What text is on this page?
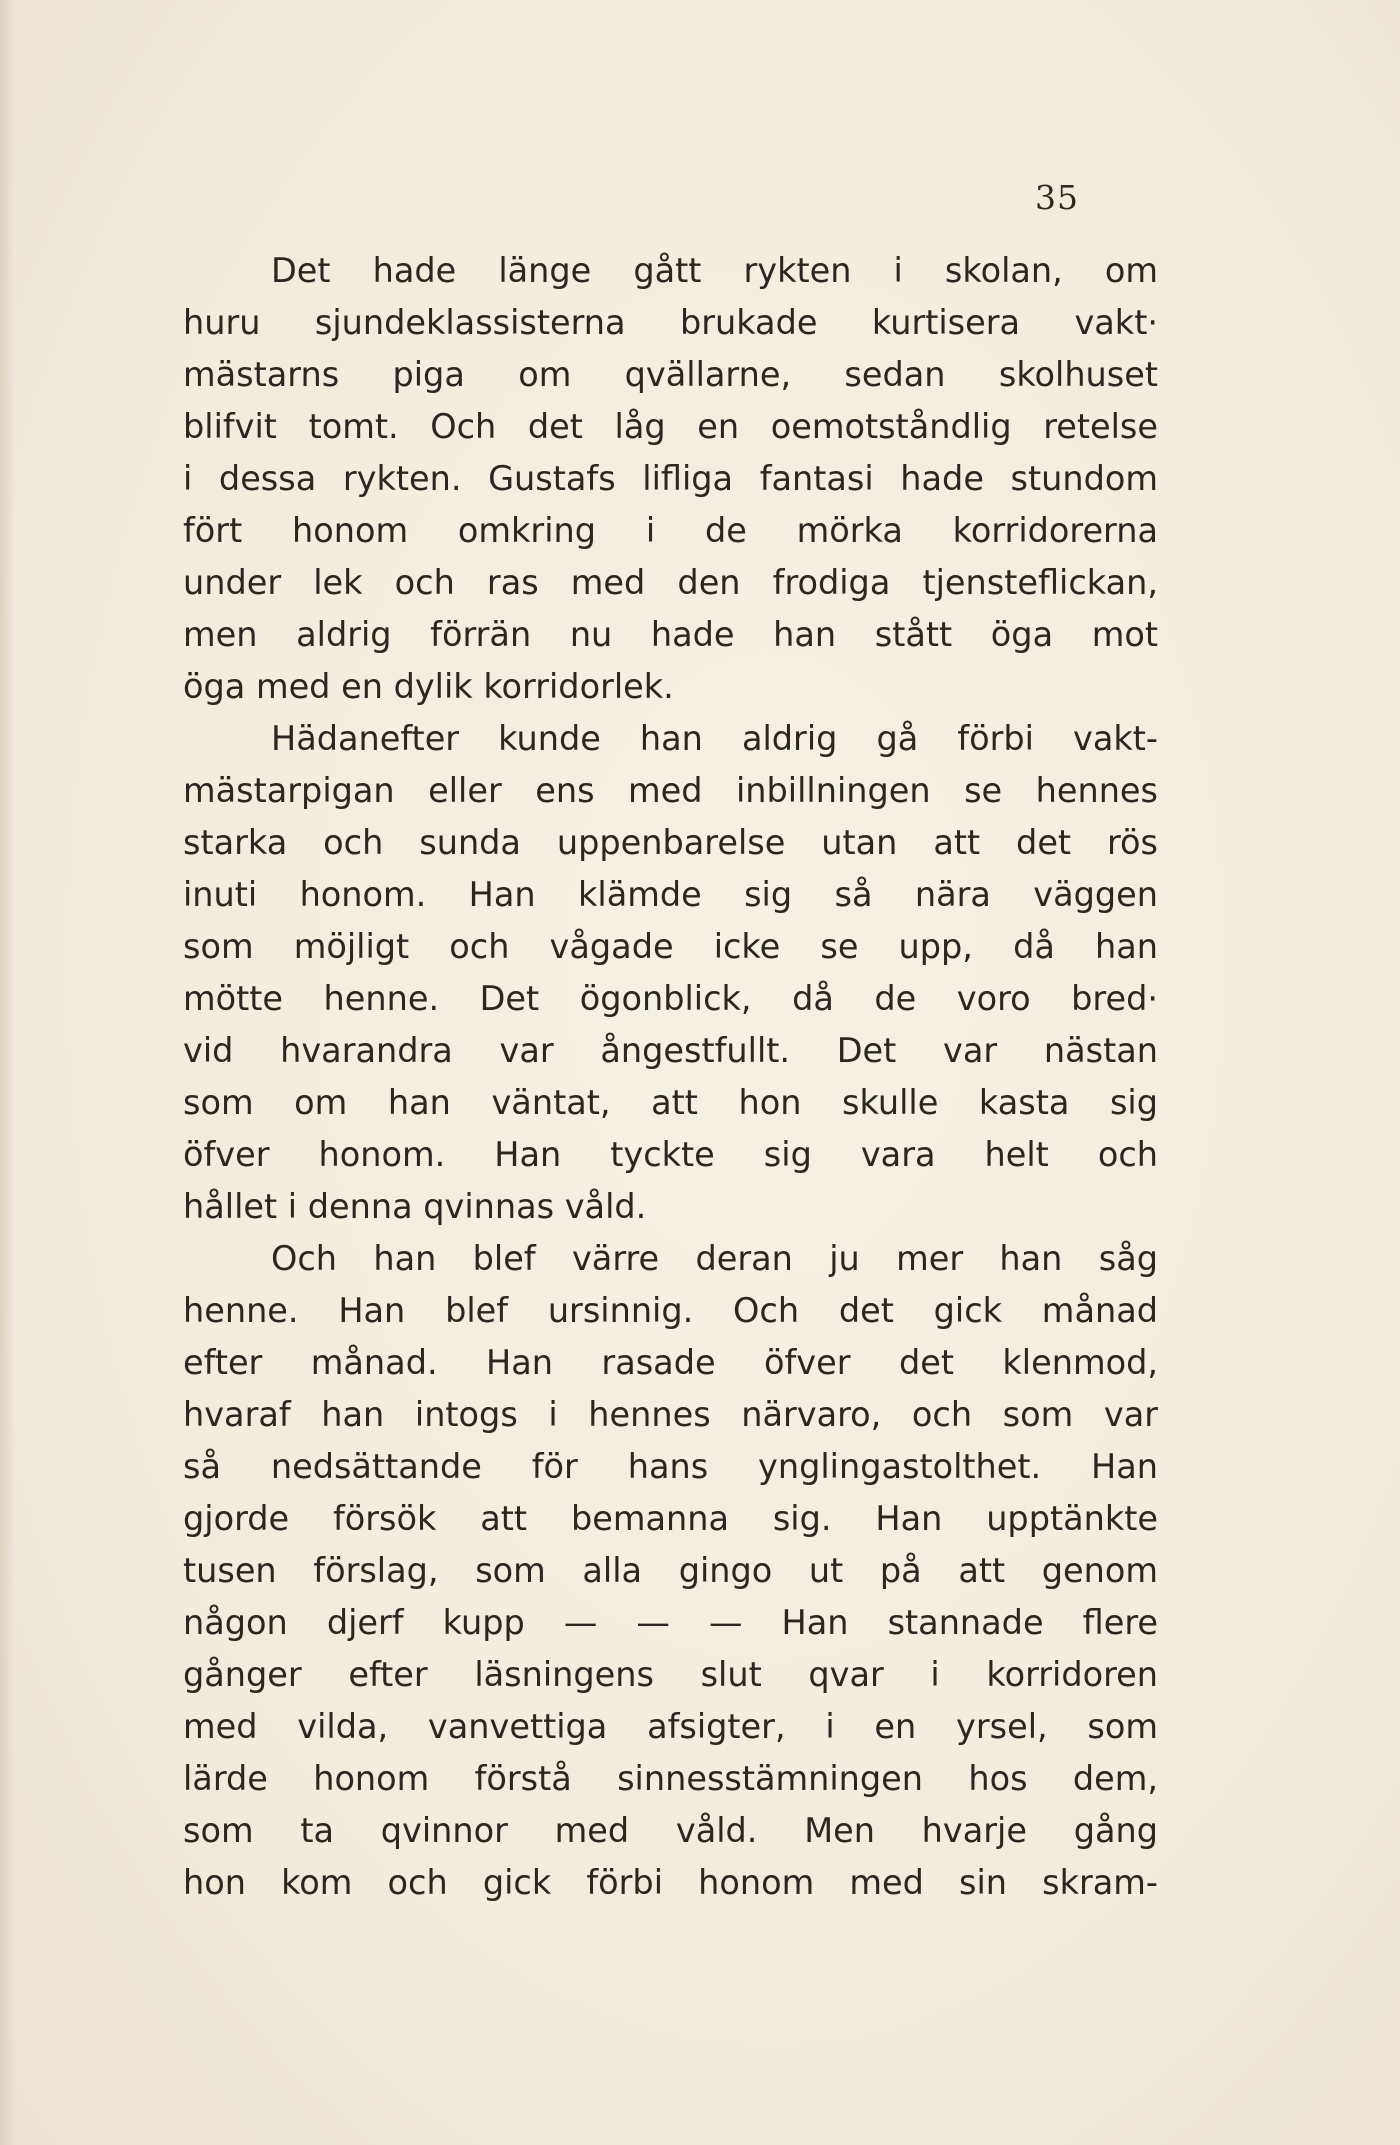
35
Det hade länge gått rykten i skolan, om
huru sjundeklassisterna brukade kurtisera vakt·
mästarns piga om qvällarne, sedan skolhuset
blifvit tomt. Och det låg en oemotståndlig retelse
i dessa rykten. Gustafs lifliga fantasi hade stundom
fört honom omkring i de mörka korridorerna
under lek och ras med den frodiga tjensteflickan,
men aldrig förrän nu hade han stått öga mot
öga med en dylik korridorlek.
Hädanefter kunde han aldrig gå förbi vakt-
mästarpigan eller ens med inbillningen se hennes
starka och sunda uppenbarelse utan att det rös
inuti honom. Han klämde sig så nära väggen
som möjligt och vågade icke se upp, då han
mötte henne. Det ögonblick, då de voro bred·
vid hvarandra var ångestfullt. Det var nästan
som om han väntat, att hon skulle kasta sig
öfver honom. Han tyckte sig vara helt och
hållet i denna qvinnas våld.
Och han blef värre deran ju mer han såg
henne. Han blef ursinnig. Och det gick månad
efter månad. Han rasade öfver det klenmod,
hvaraf han intogs i hennes närvaro, och som var
så nedsättande för hans ynglingastolthet. Han
gjorde försök att bemanna sig. Han upptänkte
tusen förslag, som alla gingo ut på att genom
någon djerf kupp — — — Han stannade flere
gånger efter läsningens slut qvar i korridoren
med vilda, vanvettiga afsigter, i en yrsel, som
lärde honom förstå sinnesstämningen hos dem,
som ta qvinnor med våld. Men hvarje gång
hon kom och gick förbi honom med sin skram-
